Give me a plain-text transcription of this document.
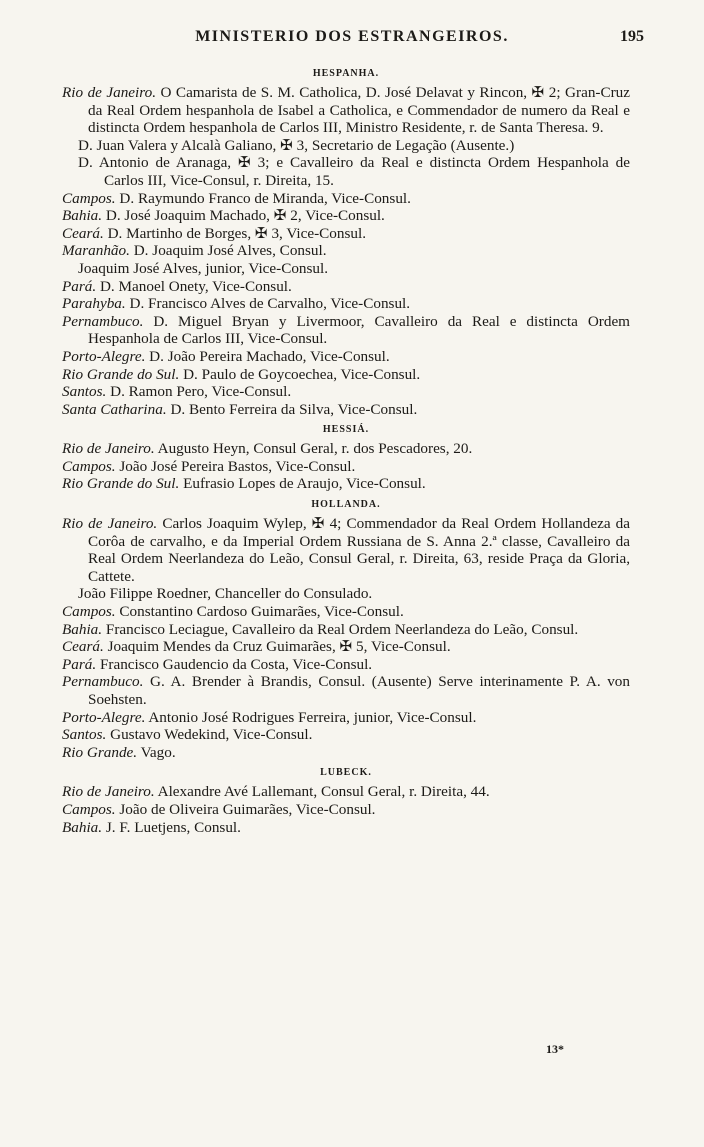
MINISTERIO DOS ESTRANGEIROS.	195
HESPANHA.
Rio de Janeiro. O Camarista de S. M. Catholica, D. José Delavat y Rincon, ✠ 2; Gran-Cruz da Real Ordem hespanhola de Isabel a Catholica, e Commendador de numero da Real e distincta Ordem hespanhola de Carlos III, Ministro Residente, r. de Santa Theresa. 9.
D. Juan Valera y Alcalà Galiano, ✠ 3, Secretario de Legação (Ausente.)
D. Antonio de Aranaga, ✠ 3; e Cavalleiro da Real e distincta Ordem Hespanhola de Carlos III, Vice-Consul, r. Direita, 15.
Campos. D. Raymundo Franco de Miranda, Vice-Consul.
Bahia. D. José Joaquim Machado, ✠ 2, Vice-Consul.
Ceará. D. Martinho de Borges, ✠ 3, Vice-Consul.
Maranhão. D. Joaquim José Alves, Consul.
Joaquim José Alves, junior, Vice-Consul.
Pará. D. Manoel Onety, Vice-Consul.
Parahyba. D. Francisco Alves de Carvalho, Vice-Consul.
Pernambuco. D. Miguel Bryan y Livermoor, Cavalleiro da Real e distincta Ordem Hespanhola de Carlos III, Vice-Consul.
Porto-Alegre. D. João Pereira Machado, Vice-Consul.
Rio Grande do Sul. D. Paulo de Goycoechea, Vice-Consul.
Santos. D. Ramon Pero, Vice-Consul.
Santa Catharina. D. Bento Ferreira da Silva, Vice-Consul.
HESSIÁ.
Rio de Janeiro. Augusto Heyn, Consul Geral, r. dos Pescadores, 20.
Campos. João José Pereira Bastos, Vice-Consul.
Rio Grande do Sul. Eufrasio Lopes de Araujo, Vice-Consul.
HOLLANDA.
Rio de Janeiro. Carlos Joaquim Wylep, ✠ 4; Commendador da Real Ordem Hollandeza da Corôa de carvalho, e da Imperial Ordem Russiana de S. Anna 2.ª classe, Cavalleiro da Real Ordem Neerlandeza do Leão, Consul Geral, r. Direita, 63, reside Praça da Gloria, Cattete.
João Filippe Roedner, Chanceller do Consulado.
Campos. Constantino Cardoso Guimarães, Vice-Consul.
Bahia. Francisco Leciague, Cavalleiro da Real Ordem Neerlandeza do Leão, Consul.
Ceará. Joaquim Mendes da Cruz Guimarães, ✠ 5, Vice-Consul.
Pará. Francisco Gaudencio da Costa, Vice-Consul.
Pernambuco. G. A. Brender à Brandis, Consul. (Ausente) Serve interinamente P. A. von Soehsten.
Porto-Alegre. Antonio José Rodrigues Ferreira, junior, Vice-Consul.
Santos. Gustavo Wedekind, Vice-Consul.
Rio Grande. Vago.
LUBECK.
Rio de Janeiro. Alexandre Avé Lallemant, Consul Geral, r. Direita, 44.
Campos. João de Oliveira Guimarães, Vice-Consul.
Bahia. J. F. Luetjens, Consul.
13*
